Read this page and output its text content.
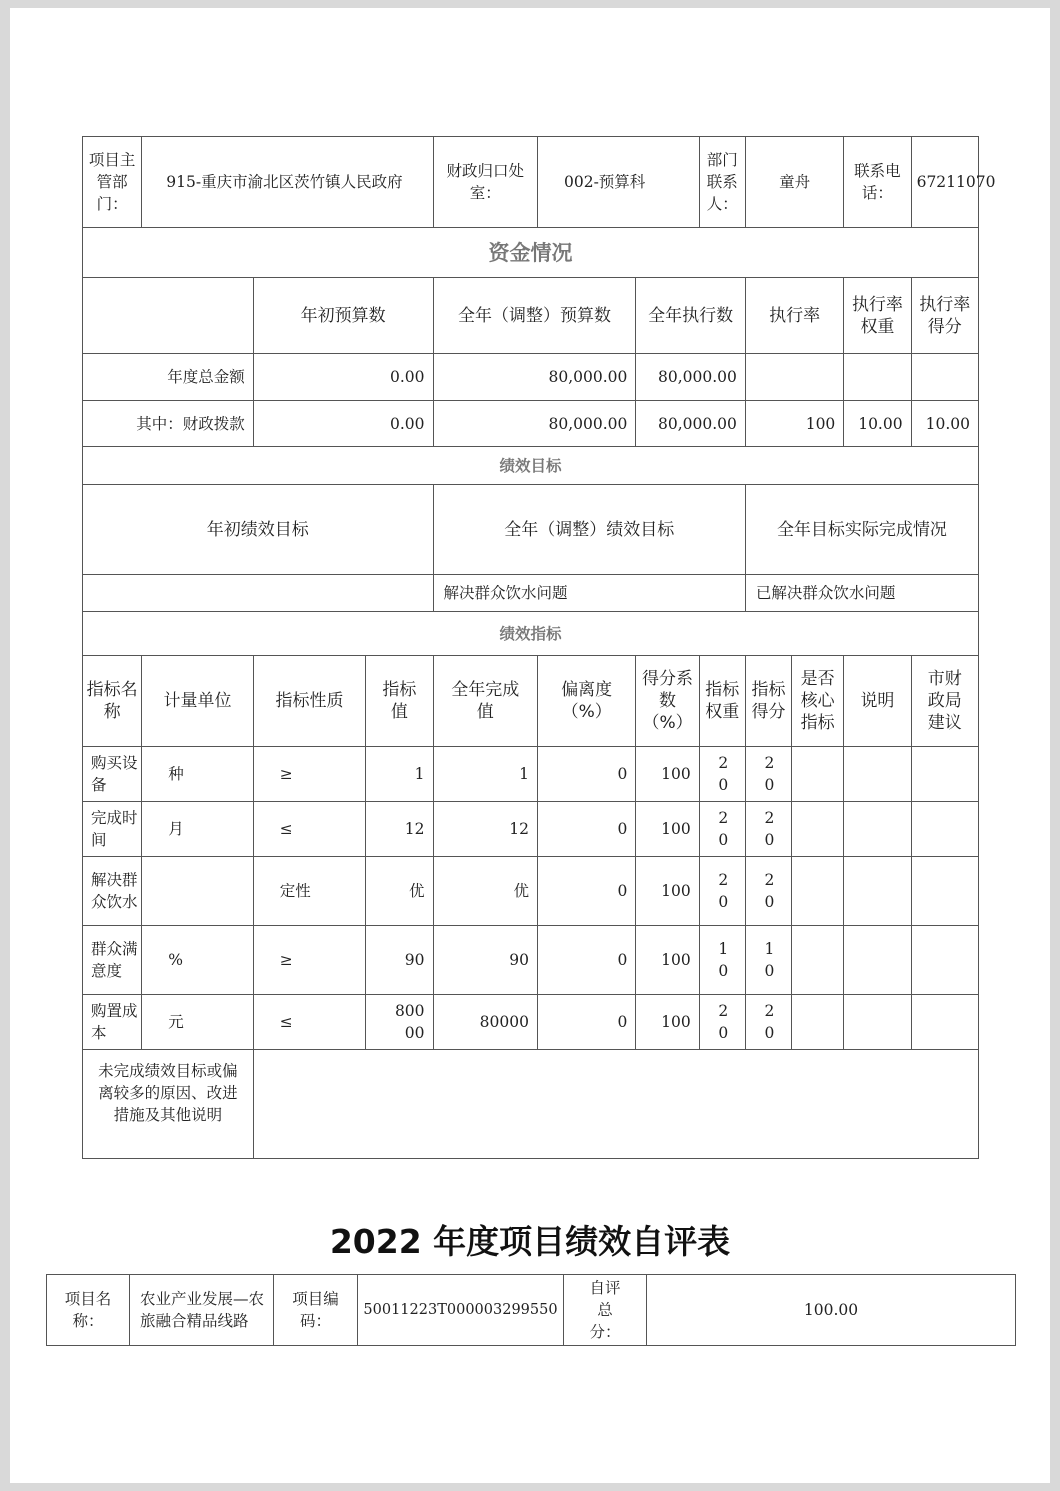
项目主管部门：	915-重庆市渝北区茨竹镇人民政府			财政归口处室：	002-预算科		部门联系人：	童舟		联系电话：	67211070
资金情况											
		年初预算数		全年（调整）预算数		全年执行数		执行率		执行率权重	执行率得分
年度总金额		0.00		80,000.00		80,000.00					
其中：财政拨款		0.00		80,000.00		80,000.00		100		10.00	10.00
绩效目标											
年初绩效目标				全年（调整）绩效目标				全年目标实际完成情况			
				解决群众饮水问题				已解决群众饮水问题			
绩效指标											
指标名称	计量单位	指标性质	指标值	全年完成值	偏离度（%）	得分系数（%）	指标权重	指标得分	是否核心指标	说明	市财政局建议
购买设备	种	≥	1	1	0	100	20	20			
完成时间	月	≤	12	12	0	100	20	20			
解决群众饮水		定性	优	优	0	100	20	20			
群众满意度	%	≥	90	90	0	100	10	10			
购置成本	元	≤	80000	80000	0	100	20	20			
未完成绩效目标或偏离较多的原因、改进措施及其他说明											
2022 年度项目绩效自评表
项目名称：	农业产业发展—农旅融合精品线路	项目编码：	50011223T000003299550	自评总分：	100.00
